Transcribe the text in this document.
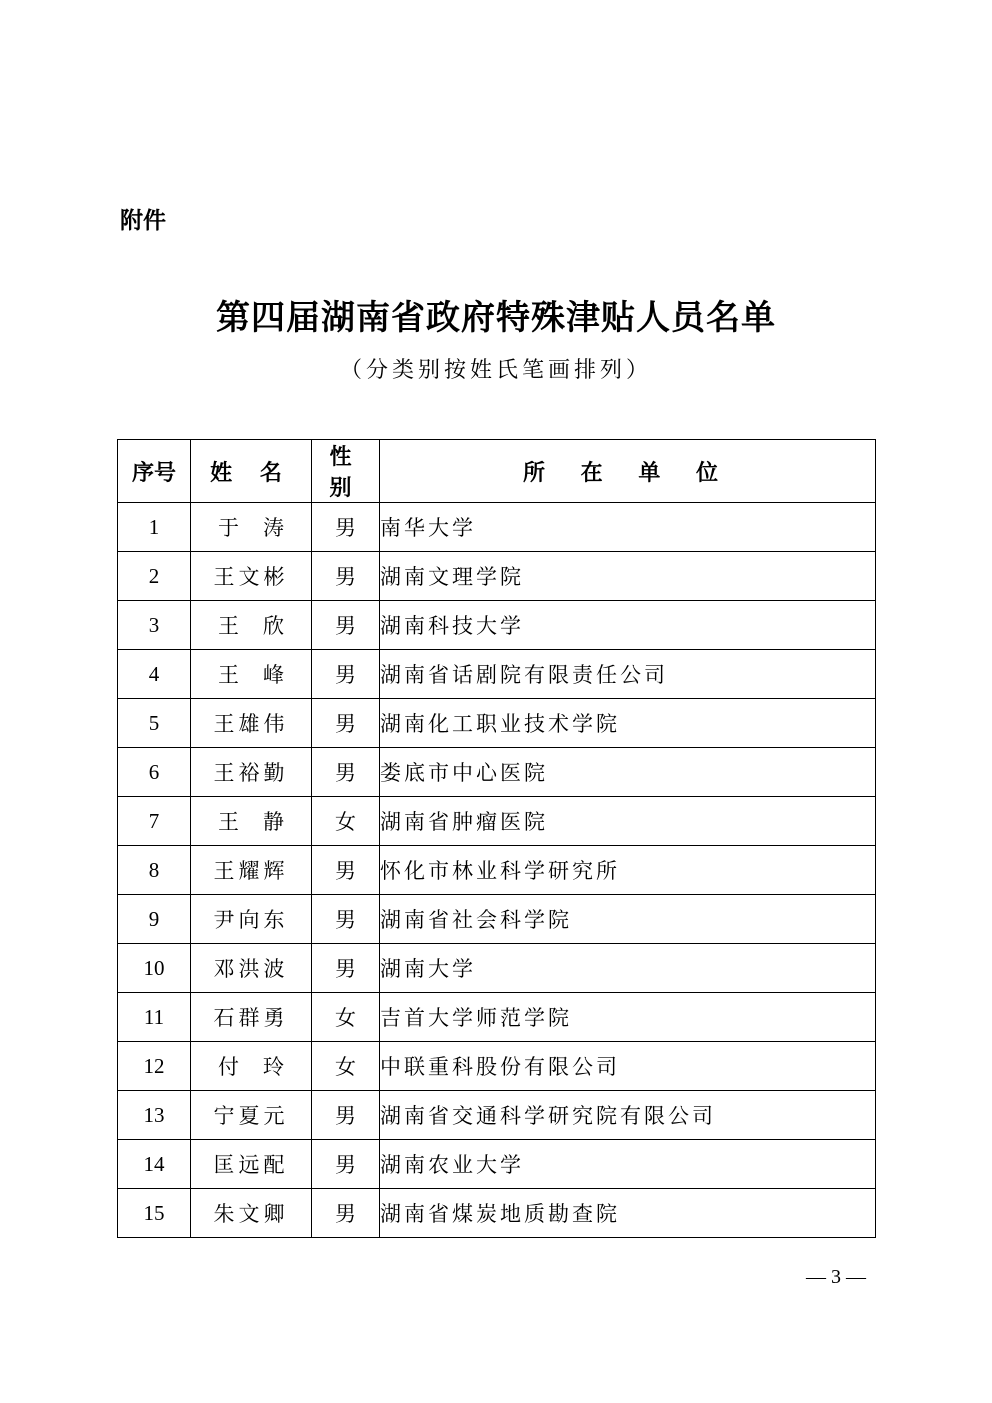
附件
第四届湖南省政府特殊津贴人员名单
（分类别按姓氏笔画排列）
序号	姓 名	性 别	所 在 单 位
1	于涛	男	南华大学
2	王文彬	男	湖南文理学院
3	王欣	男	湖南科技大学
4	王峰	男	湖南省话剧院有限责任公司
5	王雄伟	男	湖南化工职业技术学院
6	王裕勤	男	娄底市中心医院
7	王静	女	湖南省肿瘤医院
8	王耀辉	男	怀化市林业科学研究所
9	尹向东	男	湖南省社会科学院
10	邓洪波	男	湖南大学
11	石群勇	女	吉首大学师范学院
12	付玲	女	中联重科股份有限公司
13	宁夏元	男	湖南省交通科学研究院有限公司
14	匡远配	男	湖南农业大学
15	朱文卿	男	湖南省煤炭地质勘查院
— 3 —
